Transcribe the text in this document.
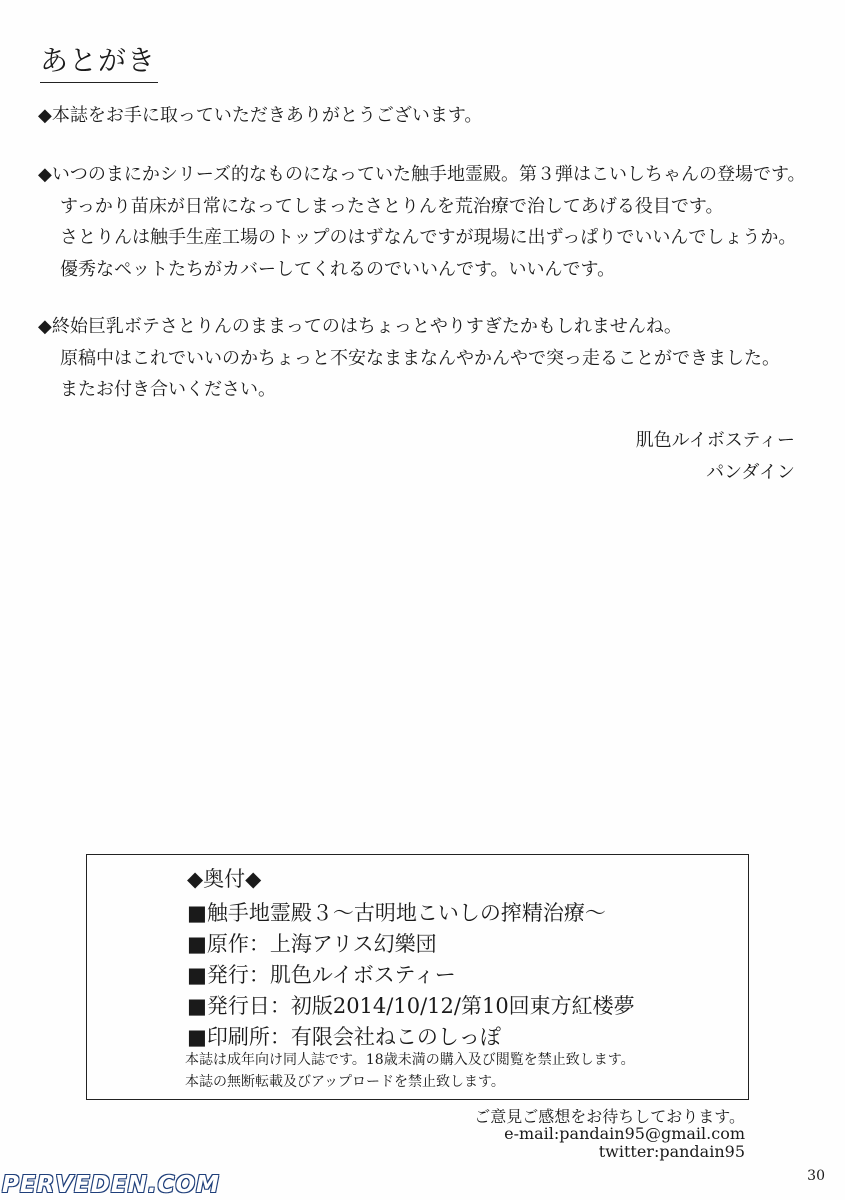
あとがき
◆本誌をお手に取っていただきありがとうございます。
◆いつのまにかシリーズ的なものになっていた触手地霊殿。第３弾はこいしちゃんの登場です。
すっかり苗床が日常になってしまったさとりんを荒治療で治してあげる役目です。
さとりんは触手生産工場のトップのはずなんですが現場に出ずっぱりでいいんでしょうか。
優秀なペットたちがカバーしてくれるのでいいんです。いいんです。
◆終始巨乳ボテさとりんのままってのはちょっとやりすぎたかもしれませんね。
原稿中はこれでいいのかちょっと不安なままなんやかんやで突っ走ることができました。
またお付き合いください。
肌色ルイボスティー
パンダイン
◆奥付◆
■触手地霊殿３～古明地こいしの搾精治療～
■原作：上海アリス幻樂団
■発行：肌色ルイボスティー
■発行日：初版2014/10/12/第10回東方紅楼夢
■印刷所：有限会社ねこのしっぽ
本誌は成年向け同人誌です。18歳未満の購入及び閲覧を禁止致します。
本誌の無断転載及びアップロードを禁止致します。
ご意見ご感想をお待ちしております。
e-mail:pandain95@gmail.com
twitter:pandain95
30
PERVEDEN.COM
